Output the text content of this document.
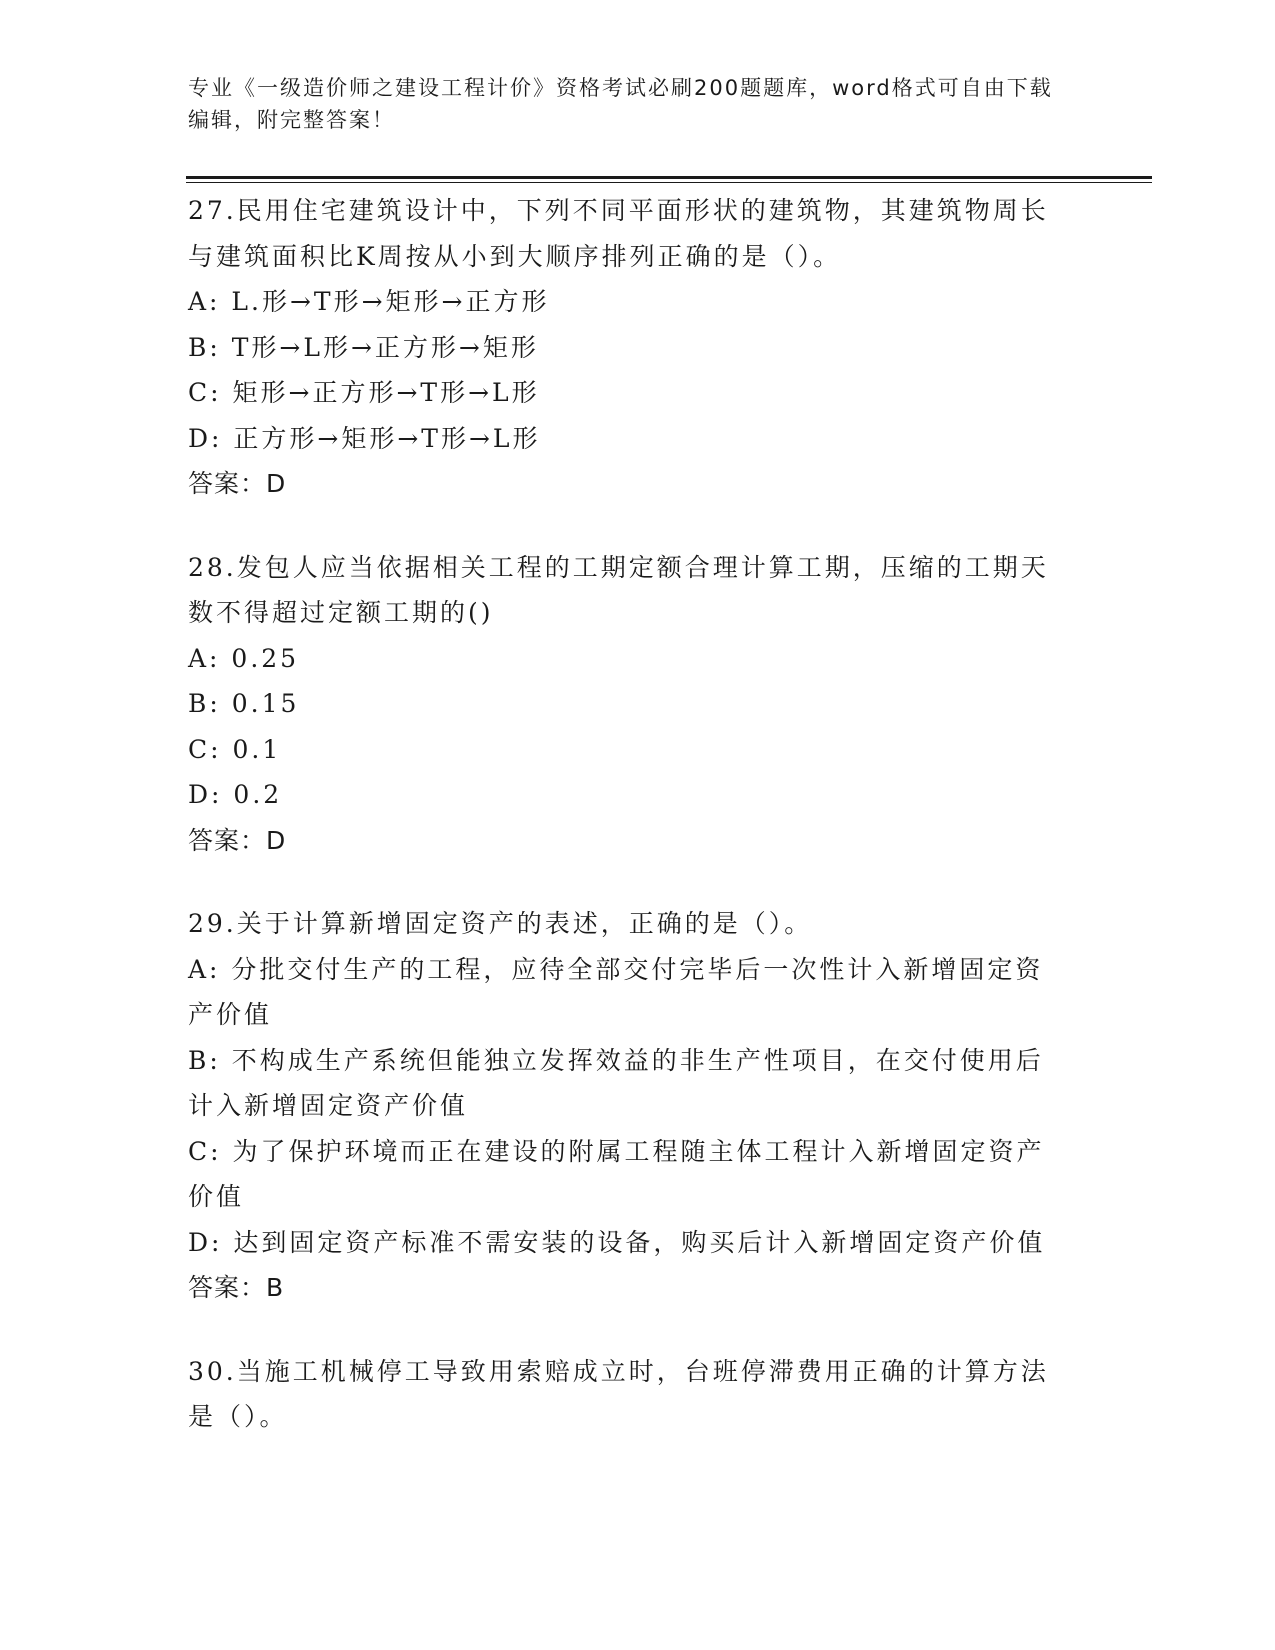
专业《一级造价师之建设工程计价》资格考试必刷200题题库，word格式可自由下载编辑，附完整答案！
27.民用住宅建筑设计中，下列不同平面形状的建筑物，其建筑物周长与建筑面积比K周按从小到大顺序排列正确的是（）。
A: L.形→T形→矩形→正方形
B: T形→L形→正方形→矩形
C: 矩形→正方形→T形→L形
D: 正方形→矩形→T形→L形
答案：D
28.发包人应当依据相关工程的工期定额合理计算工期，压缩的工期天数不得超过定额工期的()
A: 0.25
B: 0.15
C: 0.1
D: 0.2
答案：D
29.关于计算新增固定资产的表述，正确的是（）。
A: 分批交付生产的工程，应待全部交付完毕后一次性计入新增固定资产价值
B: 不构成生产系统但能独立发挥效益的非生产性项目，在交付使用后计入新增固定资产价值
C: 为了保护环境而正在建设的附属工程随主体工程计入新增固定资产价值
D: 达到固定资产标准不需安装的设备，购买后计入新增固定资产价值
答案：B
30.当施工机械停工导致用索赔成立时，台班停滞费用正确的计算方法是（）。
